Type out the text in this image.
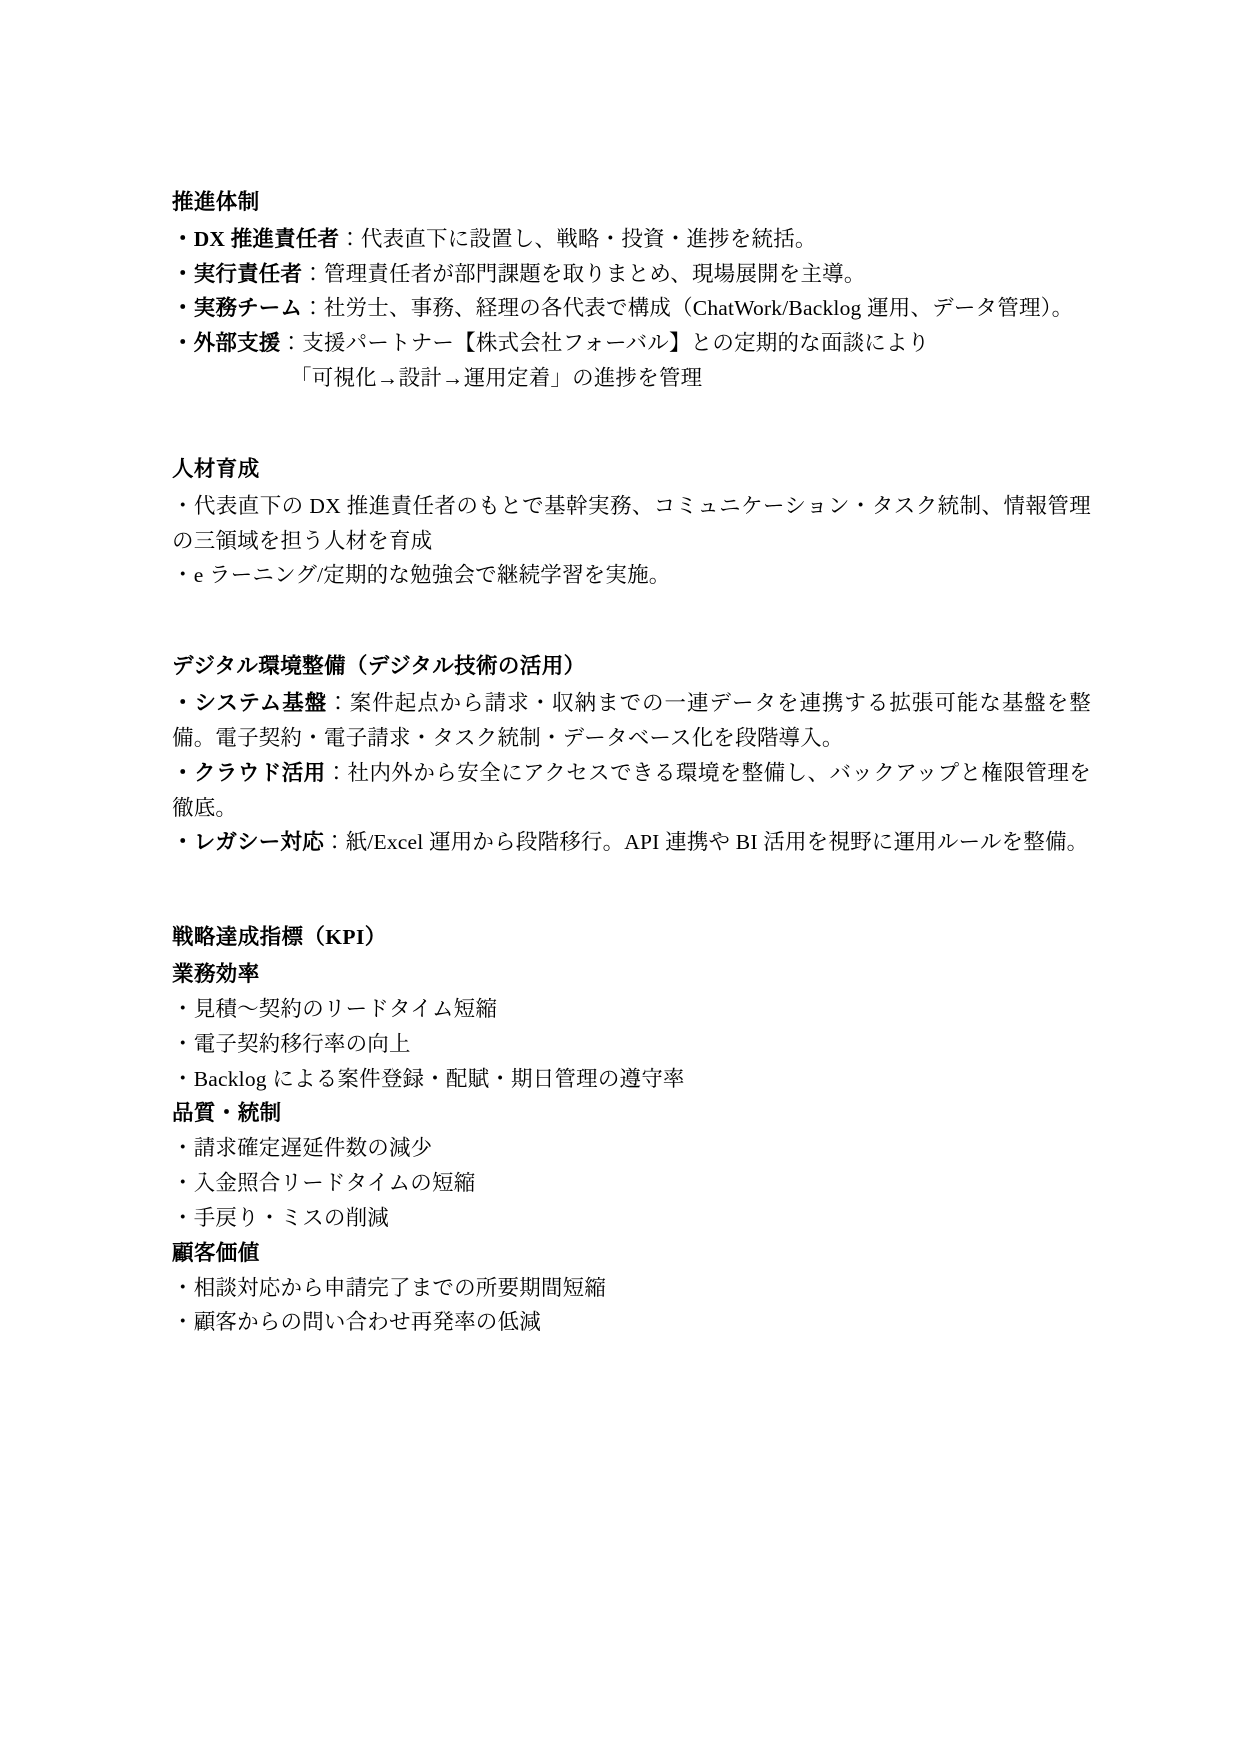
推進体制

・DX 推進責任者：代表直下に設置し、戦略・投資・進捗を統括。

・実行責任者：管理責任者が部門課題を取りまとめ、現場展開を主導。

・実務チーム：社労士、事務、経理の各代表で構成（ChatWork/Backlog 運用、データ管理）。

・外部支援：支援パートナー【株式会社フォーバル】との定期的な面談により

「可視化→設計→運用定着」の進捗を管理

人材育成

・代表直下の DX 推進責任者のもとで基幹実務、コミュニケーション・タスク統制、情報管理の三領域を担う人材を育成

・e ラーニング/定期的な勉強会で継続学習を実施。

デジタル環境整備（デジタル技術の活用）

・システム基盤：案件起点から請求・収納までの一連データを連携する拡張可能な基盤を整備。電子契約・電子請求・タスク統制・データベース化を段階導入。

・クラウド活用：社内外から安全にアクセスできる環境を整備し、バックアップと権限管理を徹底。

・レガシー対応：紙/Excel 運用から段階移行。API 連携や BI 活用を視野に運用ルールを整備。

戦略達成指標（KPI）

業務効率

・見積〜契約のリードタイム短縮

・電子契約移行率の向上

・Backlog による案件登録・配賦・期日管理の遵守率

品質・統制

・請求確定遅延件数の減少

・入金照合リードタイムの短縮

・手戻り・ミスの削減

顧客価値

・相談対応から申請完了までの所要期間短縮

・顧客からの問い合わせ再発率の低減
